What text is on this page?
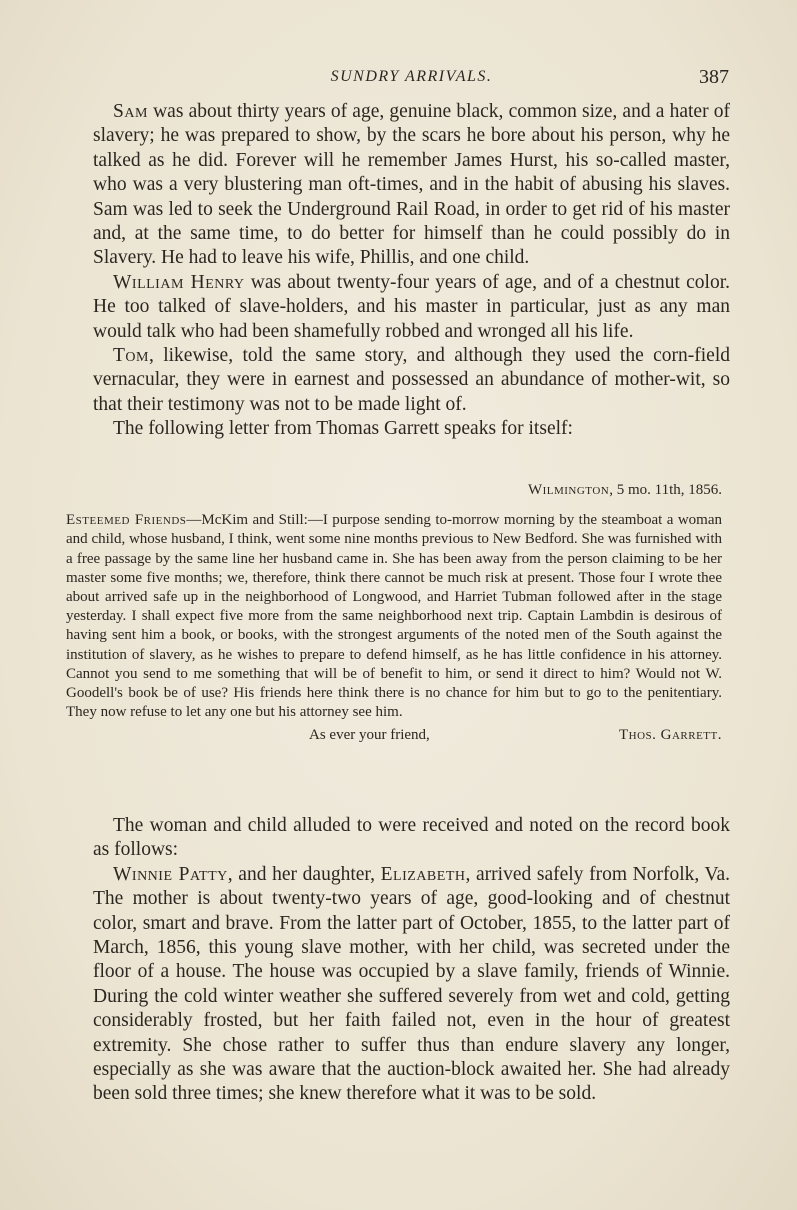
SUNDRY ARRIVALS.	387

Sam was about thirty years of age, genuine black, common size, and a hater of slavery; he was prepared to show, by the scars he bore about his person, why he talked as he did. Forever will he remember James Hurst, his so-called master, who was a very blustering man oft-times, and in the habit of abusing his slaves. Sam was led to seek the Underground Rail Road, in order to get rid of his master and, at the same time, to do better for himself than he could possibly do in Slavery. He had to leave his wife, Phillis, and one child.

William Henry was about twenty-four years of age, and of a chestnut color. He too talked of slave-holders, and his master in particular, just as any man would talk who had been shamefully robbed and wronged all his life.

Tom, likewise, told the same story, and although they used the corn-field vernacular, they were in earnest and possessed an abundance of mother-wit, so that their testimony was not to be made light of.

The following letter from Thomas Garrett speaks for itself:

Wilmington, 5 mo. 11th, 1856.

Esteemed Friends—McKim and Still:—I purpose sending to-morrow morning by the steamboat a woman and child, whose husband, I think, went some nine months previous to New Bedford. She was furnished with a free passage by the same line her husband came in. She has been away from the person claiming to be her master some five months; we, therefore, think there cannot be much risk at present. Those four I wrote thee about arrived safe up in the neighborhood of Longwood, and Harriet Tubman followed after in the stage yesterday. I shall expect five more from the same neighborhood next trip. Captain Lambdin is desirous of having sent him a book, or books, with the strongest arguments of the noted men of the South against the institution of slavery, as he wishes to prepare to defend himself, as he has little confidence in his attorney. Cannot you send to me something that will be of benefit to him, or send it direct to him? Would not W. Goodell's book be of use? His friends here think there is no chance for him but to go to the penitentiary. They now refuse to let any one but his attorney see him.

As ever your friend,	Thos. Garrett.

The woman and child alluded to were received and noted on the record book as follows:

Winnie Patty, and her daughter, Elizabeth, arrived safely from Norfolk, Va. The mother is about twenty-two years of age, good-looking and of chestnut color, smart and brave. From the latter part of October, 1855, to the latter part of March, 1856, this young slave mother, with her child, was secreted under the floor of a house. The house was occupied by a slave family, friends of Winnie. During the cold winter weather she suffered severely from wet and cold, getting considerably frosted, but her faith failed not, even in the hour of greatest extremity. She chose rather to suffer thus than endure slavery any longer, especially as she was aware that the auction-block awaited her. She had already been sold three times; she knew therefore what it was to be sold.
